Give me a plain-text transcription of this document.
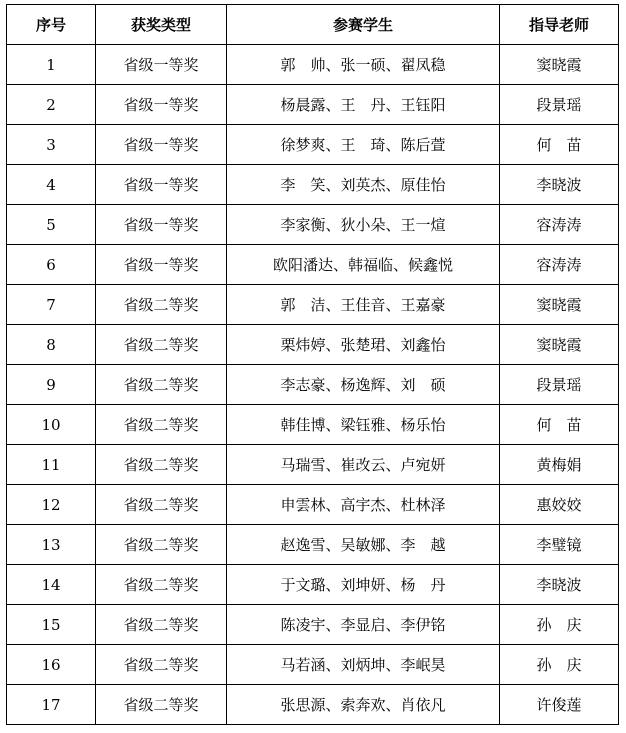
序号	获奖类型	参赛学生	指导老师
1	省级一等奖	郭　帅、张一硕、翟凤稳	窦晓霞
2	省级一等奖	杨晨露、王　丹、王钰阳	段景瑶
3	省级一等奖	徐梦爽、王　琦、陈后萱	何　苗
4	省级一等奖	李　笑、刘英杰、原佳怡	李晓波
5	省级一等奖	李家衡、狄小朵、王一煊	容涛涛
6	省级一等奖	欧阳潘达、韩福临、候鑫悦	容涛涛
7	省级二等奖	郭　洁、王佳音、王嘉豪	窦晓霞
8	省级二等奖	栗炜婷、张楚珺、刘鑫怡	窦晓霞
9	省级二等奖	李志豪、杨逸辉、刘　硕	段景瑶
10	省级二等奖	韩佳博、梁钰雅、杨乐怡	何　苗
11	省级二等奖	马瑞雪、崔改云、卢宛妍	黄梅娟
12	省级二等奖	申雲林、高宇杰、杜林泽	惠姣姣
13	省级二等奖	赵逸雪、吴敏娜、李　越	李璧镜
14	省级二等奖	于文璐、刘坤妍、杨　丹	李晓波
15	省级二等奖	陈凌宇、李显启、李伊铭	孙　庆
16	省级二等奖	马若涵、刘炳坤、李岷昊	孙　庆
17	省级二等奖	张思源、索奔欢、肖依凡	许俊莲
